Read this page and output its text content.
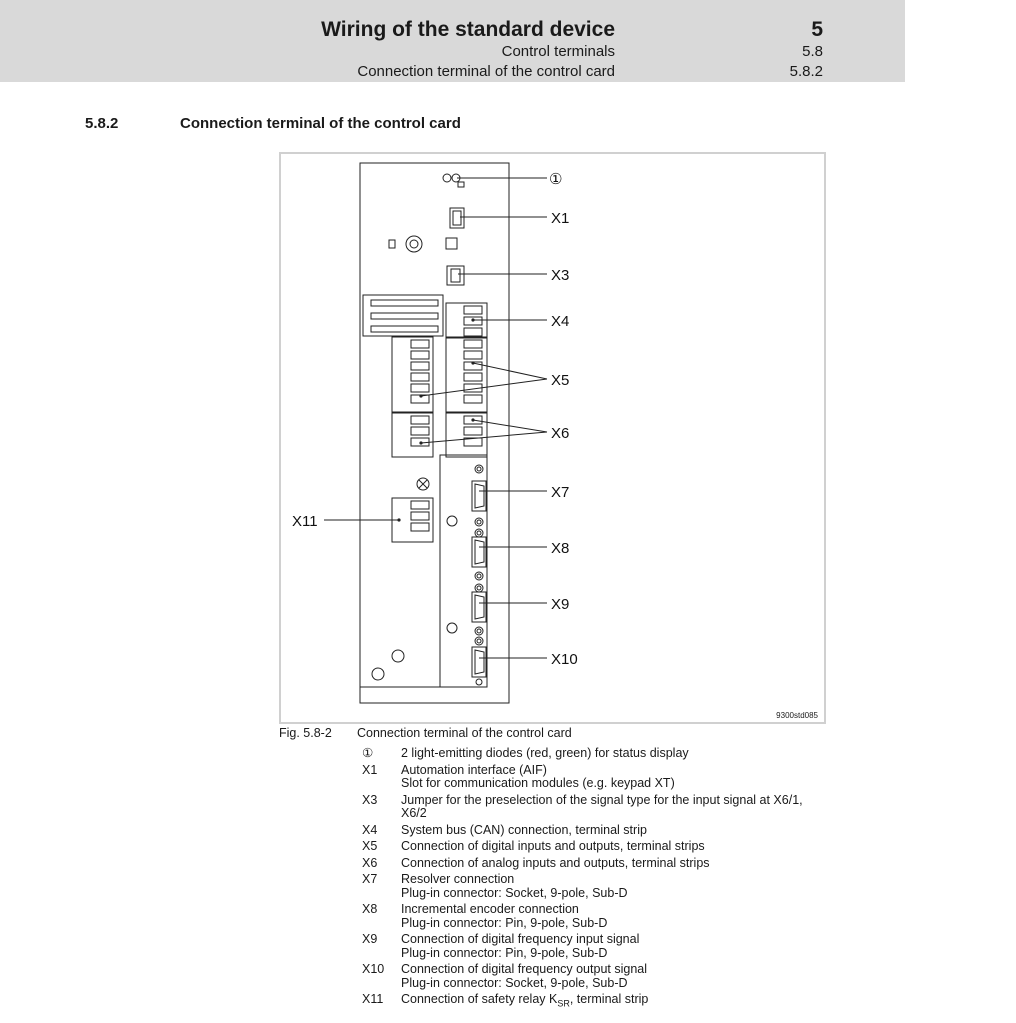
Wiring of the standard device	5
Control terminals	5.8
Connection terminal of the control card	5.8.2
5.8.2	Connection terminal of the control card
①
X1
X3
X4
X5
X6
X7
X8
X9
X10
X11
9300std085
Fig. 5.8-2 Connection terminal of the control card
①	2 light-emitting diodes (red, green) for status display
X1	Automation interface (AIF)
Slot for communication modules (e.g. keypad XT)
X3	Jumper for the preselection of the signal type for the input signal at X6/1,
X6/2
X4	System bus (CAN) connection, terminal strip
X5	Connection of digital inputs and outputs, terminal strips
X6	Connection of analog inputs and outputs, terminal strips
X7	Resolver connection
Plug-in connector: Socket, 9-pole, Sub-D
X8	Incremental encoder connection
Plug-in connector: Pin, 9-pole, Sub-D
X9	Connection of digital frequency input signal
Plug-in connector: Pin, 9-pole, Sub-D
X10	Connection of digital frequency output signal
Plug-in connector: Socket, 9-pole, Sub-D
X11	Connection of safety relay $K_{SR}$, terminal strip
